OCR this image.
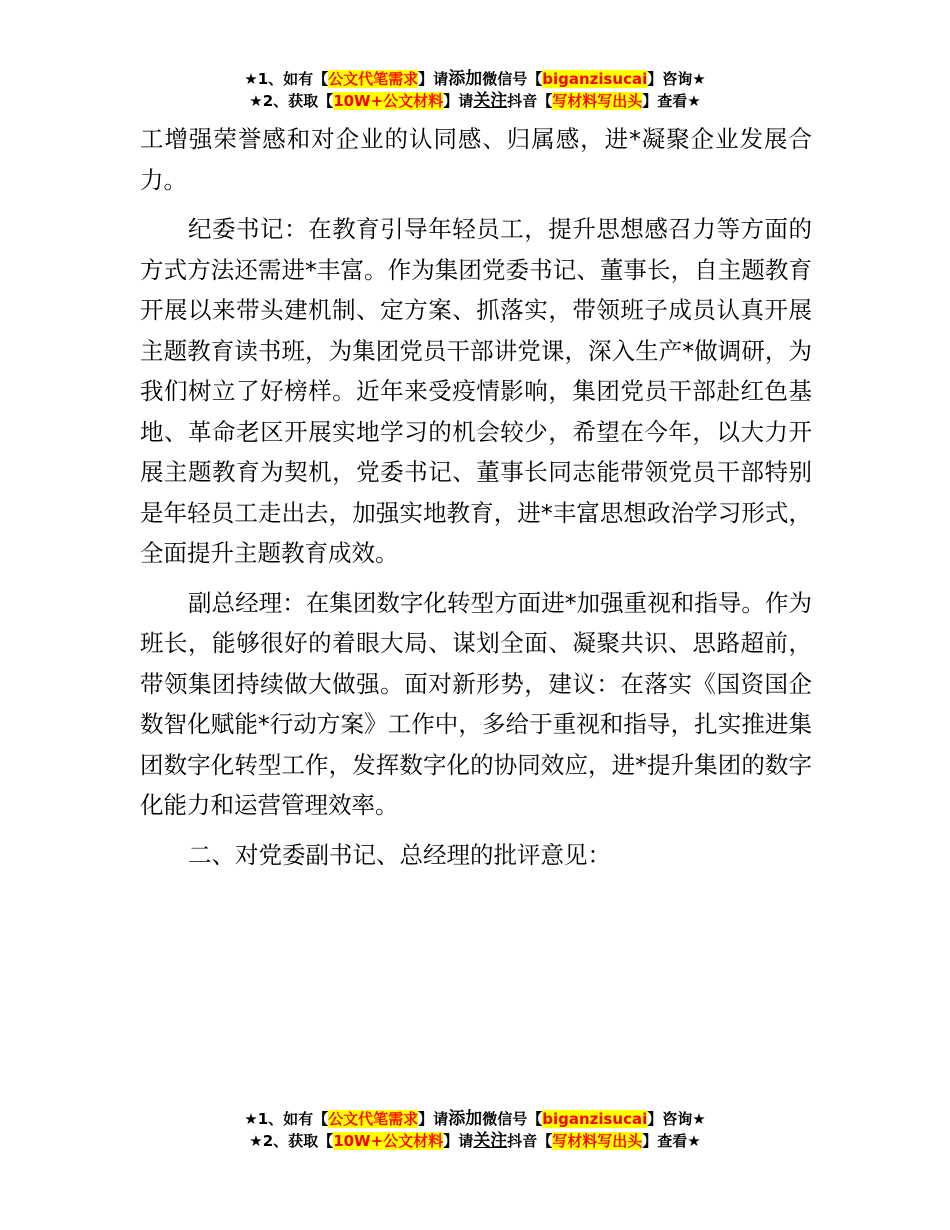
★1、如有【公文代笔需求】请添加微信号【biganzisucai】咨询★
★2、获取【10W+公文材料】请关注抖音【写材料写出头】查看★

工增强荣誉感和对企业的认同感、归属感，进*凝聚企业发展合力。

纪委书记：在教育引导年轻员工，提升思想感召力等方面的方式方法还需进*丰富。作为集团党委书记、董事长，自主题教育开展以来带头建机制、定方案、抓落实，带领班子成员认真开展主题教育读书班，为集团党员干部讲党课，深入生产*做调研，为我们树立了好榜样。近年来受疫情影响，集团党员干部赴红色基地、革命老区开展实地学习的机会较少，希望在今年，以大力开展主题教育为契机，党委书记、董事长同志能带领党员干部特别是年轻员工走出去，加强实地教育，进*丰富思想政治学习形式，全面提升主题教育成效。

副总经理：在集团数字化转型方面进*加强重视和指导。作为班长，能够很好的着眼大局、谋划全面、凝聚共识、思路超前，带领集团持续做大做强。面对新形势，建议：在落实《国资国企数智化赋能*行动方案》工作中，多给于重视和指导，扎实推进集团数字化转型工作，发挥数字化的协同效应，进*提升集团的数字化能力和运营管理效率。

二、对党委副书记、总经理的批评意见：

★1、如有【公文代笔需求】请添加微信号【biganzisucai】咨询★
★2、获取【10W+公文材料】请关注抖音【写材料写出头】查看★
